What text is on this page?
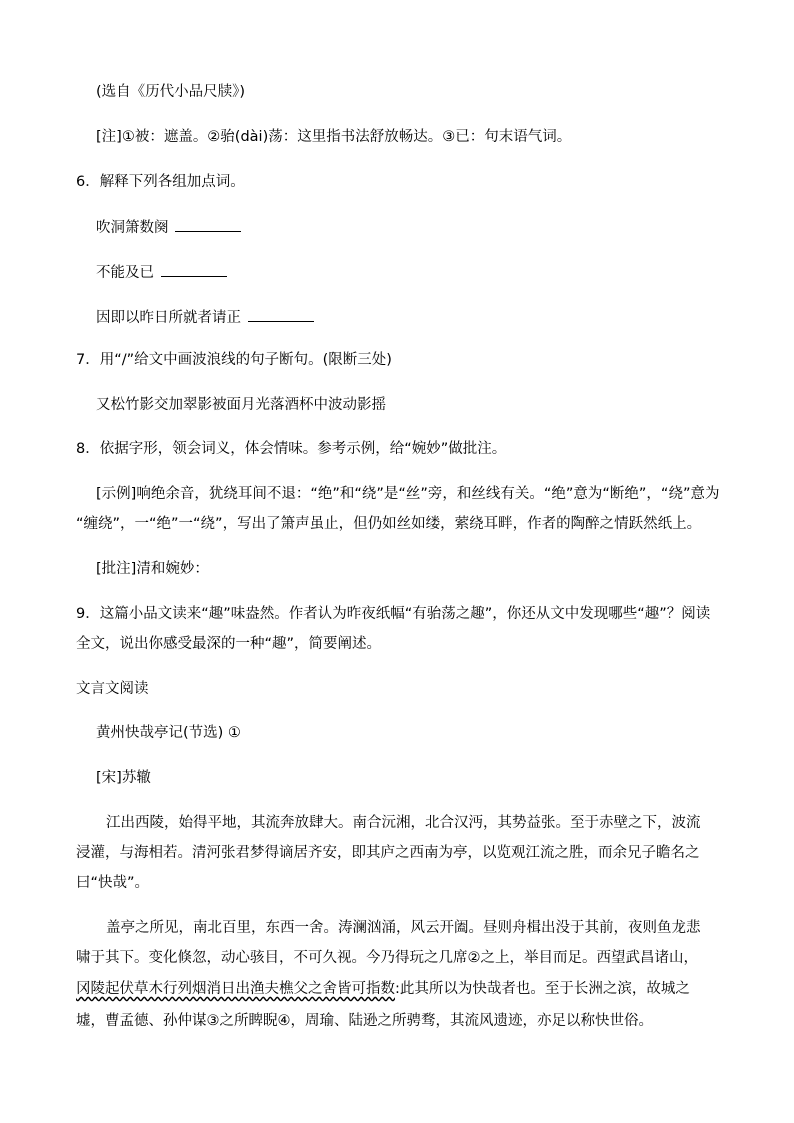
(选自《历代小品尺牍》)
[注]①被：遮盖。②骀(dài)荡：这里指书法舒放畅达。③已：句末语气词。
6．解释下列各组加点词。
吹洞箫数阕
不能及已
因即以昨日所就者请正
7．用“/”给文中画波浪线的句子断句。(限断三处)
又松竹影交加翠影被面月光落酒杯中波动影摇
8．依据字形，领会词义，体会情味。参考示例，给“婉妙”做批注。
[示例]响绝余音，犹绕耳间不退：“绝”和“绕”是“丝”旁，和丝线有关。“绝”意为“断绝”，“绕”意为
“缠绕”，一“绝”一“绕”，写出了箫声虽止，但仍如丝如缕，萦绕耳畔，作者的陶醉之情跃然纸上。
[批注]清和婉妙：
9．这篇小品文读来“趣”味盎然。作者认为昨夜纸幅“有骀荡之趣”，你还从文中发现哪些“趣”？阅读
全文，说出你感受最深的一种“趣”，简要阐述。
文言文阅读
黄州快哉亭记(节选) ①
[宋]苏辙
江出西陵，始得平地，其流奔放肆大。南合沅湘，北合汉沔，其势益张。至于赤壁之下，波流
浸灌，与海相若。清河张君梦得谪居齐安，即其庐之西南为亭，以览观江流之胜，而余兄子瞻名之
曰“快哉”。
盖亭之所见，南北百里，东西一舍。涛澜汹涌，风云开阖。昼则舟楫出没于其前，夜则鱼龙悲
啸于其下。变化倏忽，动心骇目，不可久视。今乃得玩之几席②之上，举目而足。西望武昌诸山，
冈陵起伏草木行列烟消日出渔夫樵父之舍皆可指数:此其所以为快哉者也。至于长洲之滨，故城之
墟，曹孟德、孙仲谋③之所睥睨④，周瑜、陆逊之所骋骛，其流风遗迹，亦足以称快世俗。
